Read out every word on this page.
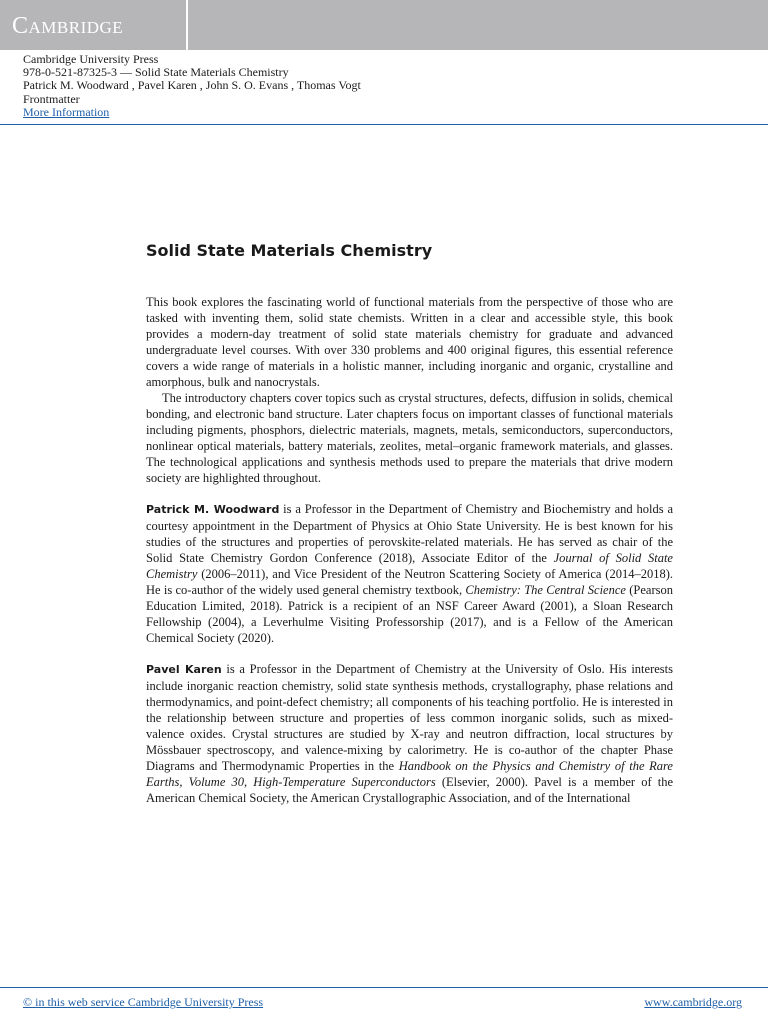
Cambridge
Cambridge University Press
978-0-521-87325-3 — Solid State Materials Chemistry
Patrick M. Woodward , Pavel Karen , John S. O. Evans , Thomas Vogt
Frontmatter
More Information
Solid State Materials Chemistry

This book explores the fascinating world of functional materials from the perspective of those who are tasked with inventing them, solid state chemists. Written in a clear and accessible style, this book provides a modern-day treatment of solid state materials chemistry for graduate and advanced undergraduate level courses. With over 330 problems and 400 original figures, this essential reference covers a wide range of materials in a holistic manner, including inorganic and organic, crystalline and amorphous, bulk and nanocrystals.

The introductory chapters cover topics such as crystal structures, defects, diffusion in solids, chemical bonding, and electronic band structure. Later chapters focus on important classes of functional materials including pigments, phosphors, dielectric materials, magnets, metals, semiconductors, superconductors, nonlinear optical materials, battery materials, zeolites, metal–organic framework materials, and glasses. The technological applications and synthesis methods used to prepare the materials that drive modern society are highlighted throughout.

Patrick M. Woodward is a Professor in the Department of Chemistry and Biochemistry and holds a courtesy appointment in the Department of Physics at Ohio State University. He is best known for his studies of the structures and properties of perovskite-related materials. He has served as chair of the Solid State Chemistry Gordon Conference (2018), Associate Editor of the Journal of Solid State Chemistry (2006–2011), and Vice President of the Neutron Scattering Society of America (2014–2018). He is co-author of the widely used general chemistry textbook, Chemistry: The Central Science (Pearson Education Limited, 2018). Patrick is a recipient of an NSF Career Award (2001), a Sloan Research Fellowship (2004), a Leverhulme Visiting Professorship (2017), and is a Fellow of the American Chemical Society (2020).

Pavel Karen is a Professor in the Department of Chemistry at the University of Oslo. His interests include inorganic reaction chemistry, solid state synthesis methods, crystallography, phase relations and thermodynamics, and point-defect chemistry; all components of his teaching portfolio. He is interested in the relationship between structure and properties of less common inorganic solids, such as mixed-valence oxides. Crystal structures are studied by X-ray and neutron diffraction, local structures by Mössbauer spectroscopy, and valence-mixing by calorimetry. He is co-author of the chapter Phase Diagrams and Thermodynamic Properties in the Handbook on the Physics and Chemistry of the Rare Earths, Volume 30, High-Temperature Superconductors (Elsevier, 2000). Pavel is a member of the American Chemical Society, the American Crystallographic Association, and of the International

© in this web service Cambridge University Press	www.cambridge.org
